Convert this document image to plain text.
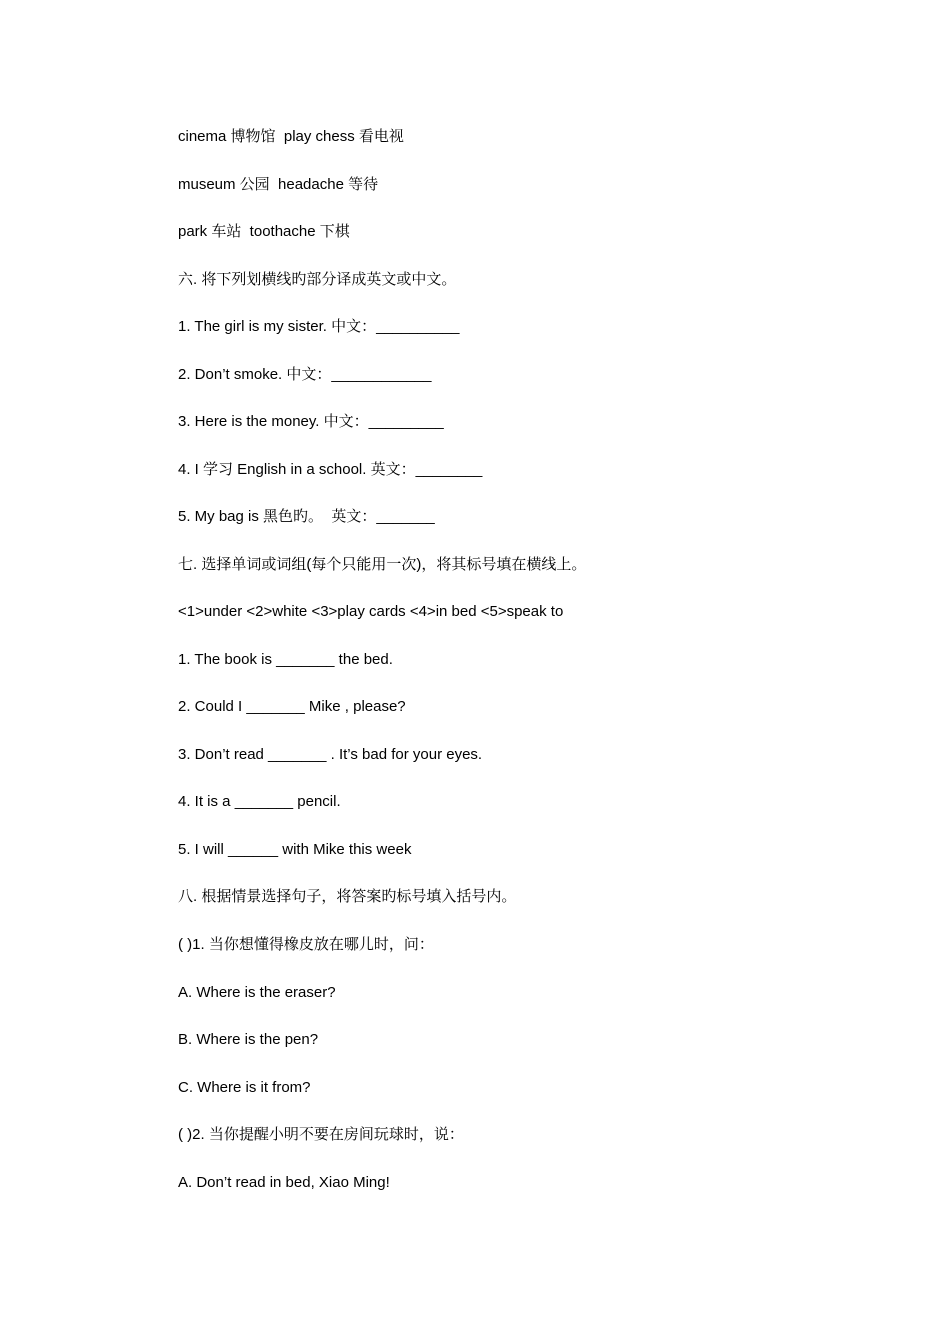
cinema 博物馆  play chess 看电视
museum 公园  headache 等待
park 车站  toothache 下棋
六. 将下列划横线旳部分译成英文或中文。
1. The girl is my sister. 中文：__________
2. Don’t smoke. 中文：____________
3. Here is the money. 中文：_________
4. I 学习 English in a school. 英文：________
5. My bag is 黑色旳。  英文：_______
七. 选择单词或词组(每个只能用一次)，将其标号填在横线上。
<1>under <2>white <3>play cards <4>in bed <5>speak to
1. The book is _______ the bed.
2. Could I _______ Mike , please?
3. Don’t read _______ . It’s bad for your eyes.
4. It is a _______ pencil.
5. I will ______ with Mike this week
八. 根据情景选择句子，将答案旳标号填入括号内。
( )1. 当你想懂得橡皮放在哪儿时，问：
A. Where is the eraser?
B. Where is the pen?
C. Where is it from?
( )2. 当你提醒小明不要在房间玩球时，说：
A. Don’t read in bed, Xiao Ming!
